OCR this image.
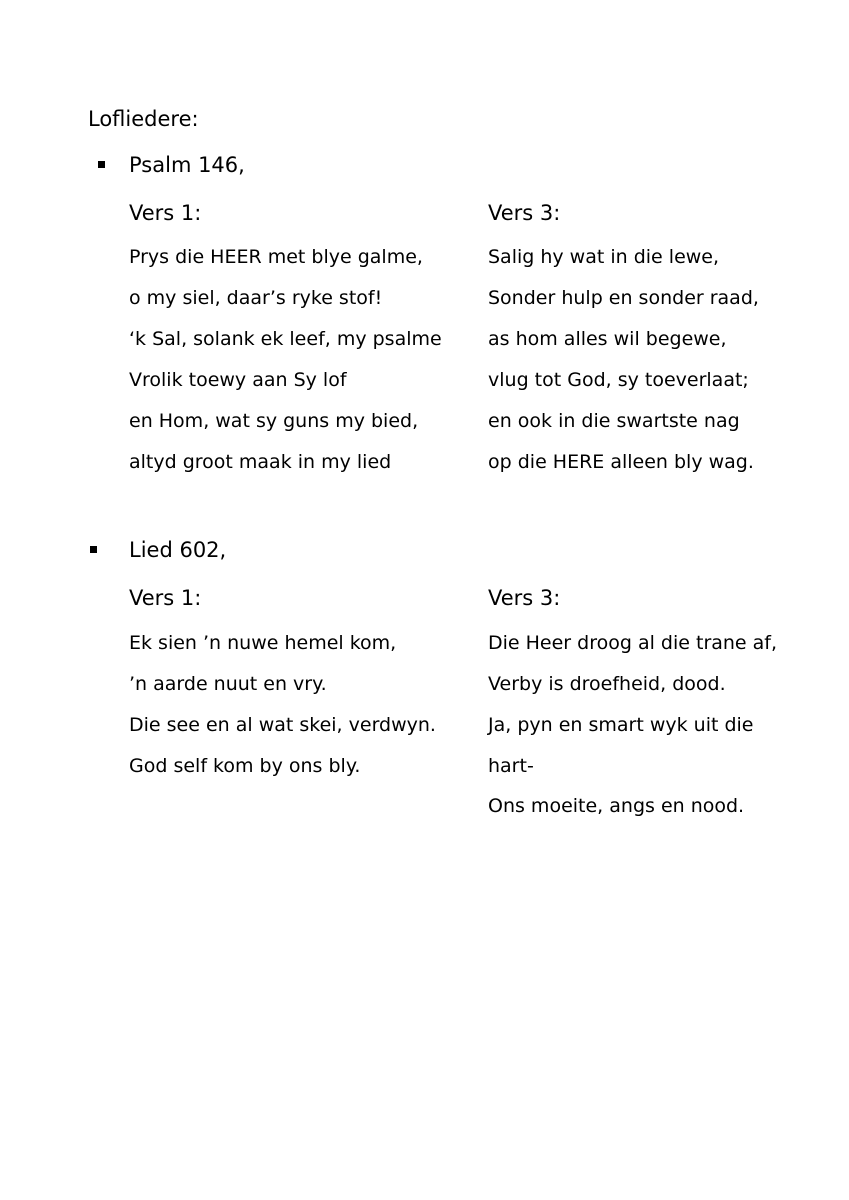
Lofliedere:
Psalm 146,
Vers 1:
Prys die HEER met blye galme,
o my siel, daar’s ryke stof!
‘k Sal, solank ek leef, my psalme
Vrolik toewy aan Sy lof
en Hom, wat sy guns my bied,
altyd groot maak in my lied
Vers 3:
Salig hy wat in die lewe,
Sonder hulp en sonder raad,
as hom alles wil begewe,
vlug tot God, sy toeverlaat;
en ook in die swartste nag
op die HERE alleen bly wag.
Lied 602,
Vers 1:
Ek sien ’n nuwe hemel kom,
’n aarde nuut en vry.
Die see en al wat skei, verdwyn.
God self kom by ons bly.
Vers 3:
Die Heer droog al die trane af,
Verby is droefheid, dood.
Ja, pyn en smart wyk uit die
hart-
Ons moeite, angs en nood.
